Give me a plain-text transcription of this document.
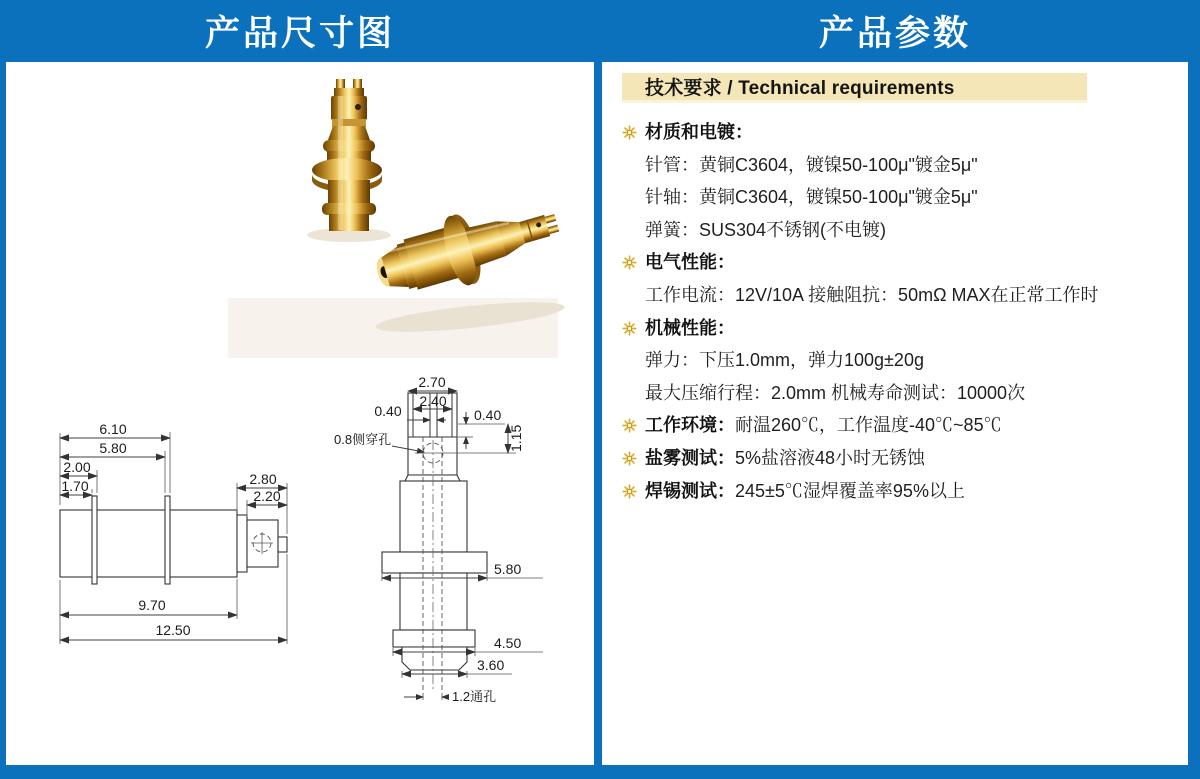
产品尺寸图	产品参数
6.10
5.80
2.00
1.70	2.80
2.20
9.70
12.50
2.70
2.40
0.40	0.40
1.15
0.8侧穿孔
5.80
4.50
3.60
1.2通孔
技术要求 / Technical requirements
材质和电镀：
针管：黄铜C3604，镀镍50-100μ"镀金5μ"
针轴：黄铜C3604，镀镍50-100μ"镀金5μ"
弹簧：SUS304不锈钢(不电镀)
电气性能：
工作电流：12V/10A 接触阻抗：50mΩ MAX在正常工作时
机械性能：
弹力：下压1.0mm，弹力100g±20g
最大压缩行程：2.0mm 机械寿命测试：10000次
工作环境：耐温260℃，工作温度-40℃~85℃
盐雾测试：5%盐溶液48小时无锈蚀
焊锡测试：245±5℃湿焊覆盖率95%以上
